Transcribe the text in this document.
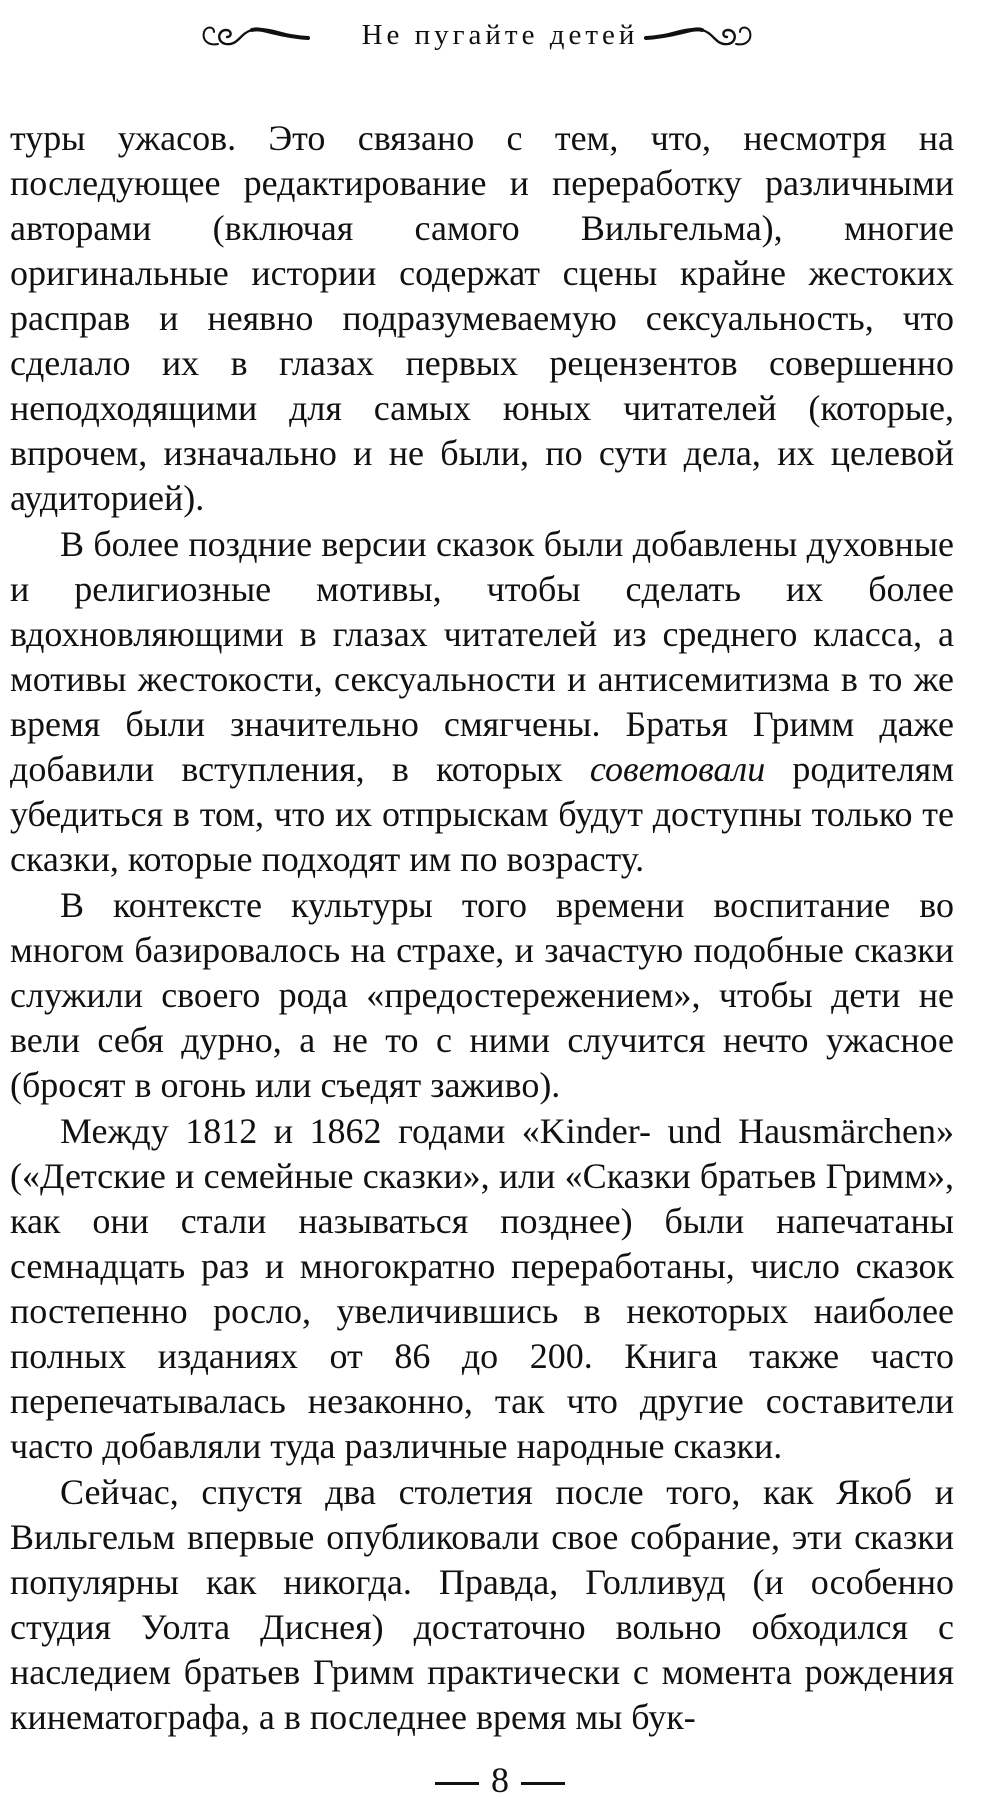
Не пугайте детей

туры ужасов. Это связано с тем, что, несмотря на последующее редактирование и переработку различными авторами (включая самого Вильгельма), многие оригинальные истории содержат сцены крайне жестоких расправ и неявно подразумеваемую сексуальность, что сделало их в глазах первых рецензентов совершенно неподходящими для самых юных читателей (которые, впрочем, изначально и не были, по сути дела, их целевой аудиторией).

В более поздние версии сказок были добавлены духовные и религиозные мотивы, чтобы сделать их более вдохновляющими в глазах читателей из среднего класса, а мотивы жестокости, сексуальности и антисемитизма в то же время были значительно смягчены. Братья Гримм даже добавили вступления, в которых советовали родителям убедиться в том, что их отпрыскам будут доступны только те сказки, которые подходят им по возрасту.

В контексте культуры того времени воспитание во многом базировалось на страхе, и зачастую подобные сказки служили своего рода «предостережением», чтобы дети не вели себя дурно, а не то с ними случится нечто ужасное (бросят в огонь или съедят заживо).

Между 1812 и 1862 годами «Kinder- und Hausmärchen» («Детские и семейные сказки», или «Сказки братьев Гримм», как они стали называться позднее) были напечатаны семнадцать раз и многократно переработаны, число сказок постепенно росло, увеличившись в некоторых наиболее полных изданиях от 86 до 200. Книга также часто перепечатывалась незаконно, так что другие составители часто добавляли туда различные народные сказки.

Сейчас, спустя два столетия после того, как Якоб и Вильгельм впервые опубликовали свое собрание, эти сказки популярны как никогда. Правда, Голливуд (и особенно студия Уолта Диснея) достаточно вольно обходился с наследием братьев Гримм практически с момента рождения кинематографа, а в последнее время мы бук-

8
